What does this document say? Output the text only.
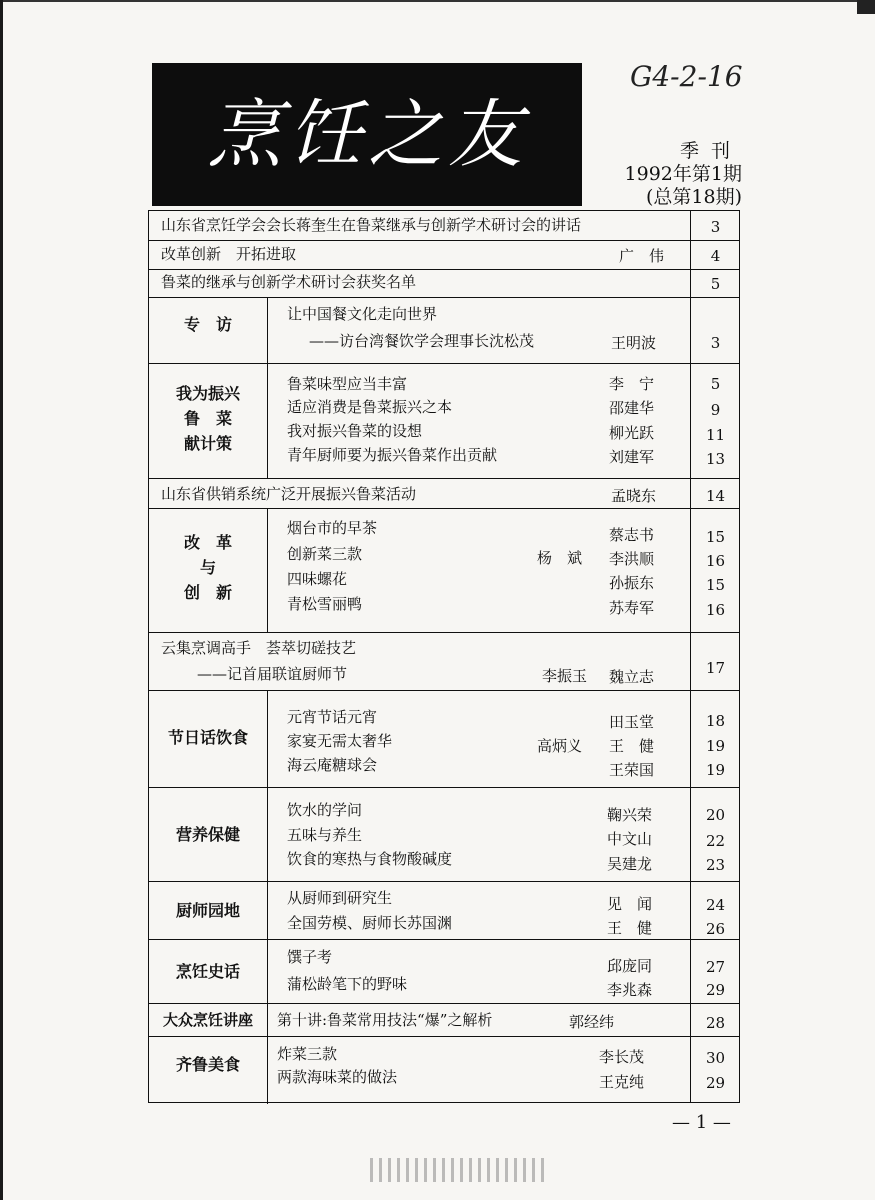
烹饪之友
G4-2-16
季刊
1992年第1期
(总第18期)
山东省烹饪学会会长蒋奎生在鲁菜继承与创新学术研讨会的讲话	3
改革创新　开拓进取	广　伟	4
鲁菜的继承与创新学术研讨会获奖名单	5
专　访
让中国餐文化走向世界
——访台湾餐饮学会理事长沈松茂	王明波	3
我为振兴
鲁　菜
献计策
鲁菜味型应当丰富	李　宁	5
适应消费是鲁菜振兴之本	邵建华	9
我对振兴鲁菜的设想	柳光跃	11
青年厨师要为振兴鲁菜作出贡献	刘建军	13
山东省供销系统广泛开展振兴鲁菜活动	孟晓东	14
改　革
与
创　新
烟台市的早茶	蔡志书	15
创新菜三款	杨　斌 李洪顺	16
四味螺花	孙振东	15
青松雪丽鸭	苏寿军	16
云集烹调高手　荟萃切磋技艺
——记首届联谊厨师节	李振玉 魏立志	17
节日话饮食
元宵节话元宵	田玉堂	18
家宴无需太奢华	高炳义 王　健	19
海云庵糖球会	王荣国	19
营养保健
饮水的学问	鞠兴荣	20
五味与养生	中文山	22
饮食的寒热与食物酸碱度	吴建龙	23
厨师园地
从厨师到研究生	见　闻	24
全国劳模、厨师长苏国渊	王　健	26
烹饪史话
馔子考	邱庞同	27
蒲松龄笔下的野味	李兆森	29
大众烹饪讲座	第十讲:鲁菜常用技法“爆”之解析	郭经纬	28
齐鲁美食
炸菜三款	李长茂	30
两款海味菜的做法	王克纯	29
— 1 —
